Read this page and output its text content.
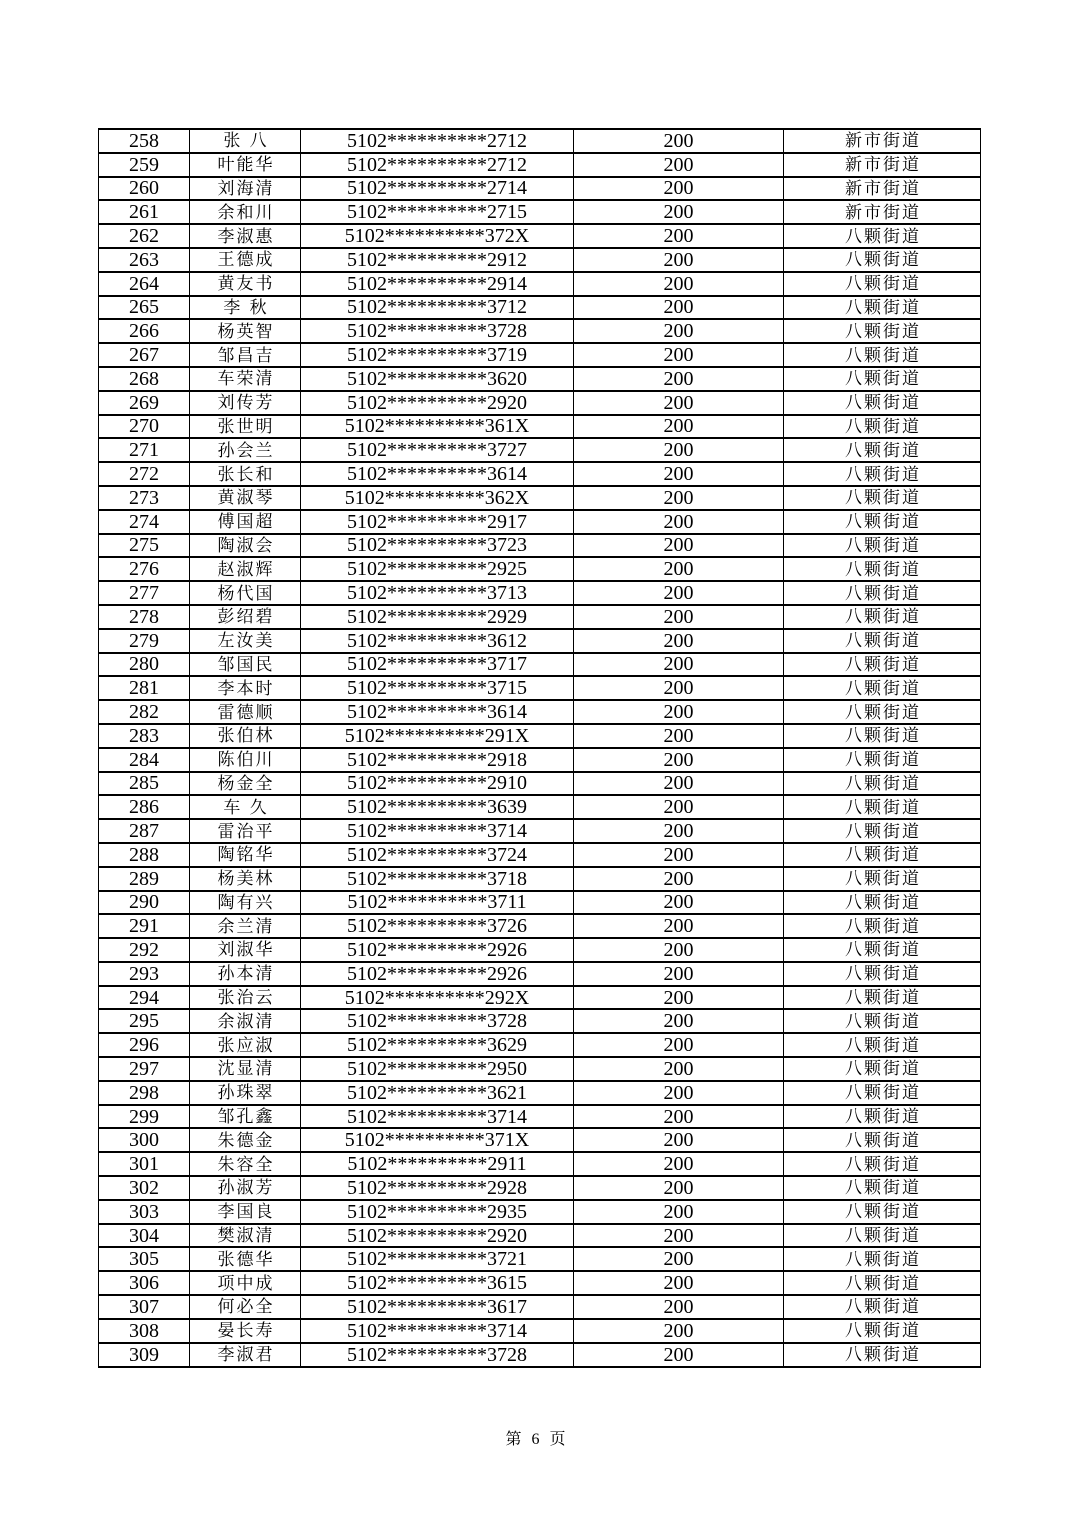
258	张八	5102**********2712	200	新市街道
259	叶能华	5102**********2712	200	新市街道
260	刘海清	5102**********2714	200	新市街道
261	余和川	5102**********2715	200	新市街道
262	李淑惠	5102**********372X	200	八颗街道
263	王德成	5102**********2912	200	八颗街道
264	黄友书	5102**********2914	200	八颗街道
265	李秋	5102**********3712	200	八颗街道
266	杨英智	5102**********3728	200	八颗街道
267	邹昌吉	5102**********3719	200	八颗街道
268	车荣清	5102**********3620	200	八颗街道
269	刘传芳	5102**********2920	200	八颗街道
270	张世明	5102**********361X	200	八颗街道
271	孙会兰	5102**********3727	200	八颗街道
272	张长和	5102**********3614	200	八颗街道
273	黄淑琴	5102**********362X	200	八颗街道
274	傅国超	5102**********2917	200	八颗街道
275	陶淑会	5102**********3723	200	八颗街道
276	赵淑辉	5102**********2925	200	八颗街道
277	杨代国	5102**********3713	200	八颗街道
278	彭绍碧	5102**********2929	200	八颗街道
279	左汝美	5102**********3612	200	八颗街道
280	邹国民	5102**********3717	200	八颗街道
281	李本时	5102**********3715	200	八颗街道
282	雷德顺	5102**********3614	200	八颗街道
283	张伯林	5102**********291X	200	八颗街道
284	陈伯川	5102**********2918	200	八颗街道
285	杨金全	5102**********2910	200	八颗街道
286	车久	5102**********3639	200	八颗街道
287	雷治平	5102**********3714	200	八颗街道
288	陶铭华	5102**********3724	200	八颗街道
289	杨美林	5102**********3718	200	八颗街道
290	陶有兴	5102**********3711	200	八颗街道
291	余兰清	5102**********3726	200	八颗街道
292	刘淑华	5102**********2926	200	八颗街道
293	孙本清	5102**********2926	200	八颗街道
294	张治云	5102**********292X	200	八颗街道
295	余淑清	5102**********3728	200	八颗街道
296	张应淑	5102**********3629	200	八颗街道
297	沈显清	5102**********2950	200	八颗街道
298	孙珠翠	5102**********3621	200	八颗街道
299	邹孔鑫	5102**********3714	200	八颗街道
300	朱德金	5102**********371X	200	八颗街道
301	朱容全	5102**********2911	200	八颗街道
302	孙淑芳	5102**********2928	200	八颗街道
303	李国良	5102**********2935	200	八颗街道
304	樊淑清	5102**********2920	200	八颗街道
305	张德华	5102**********3721	200	八颗街道
306	项中成	5102**********3615	200	八颗街道
307	何必全	5102**********3617	200	八颗街道
308	晏长寿	5102**********3714	200	八颗街道
309	李淑君	5102**********3728	200	八颗街道
第 6 页
